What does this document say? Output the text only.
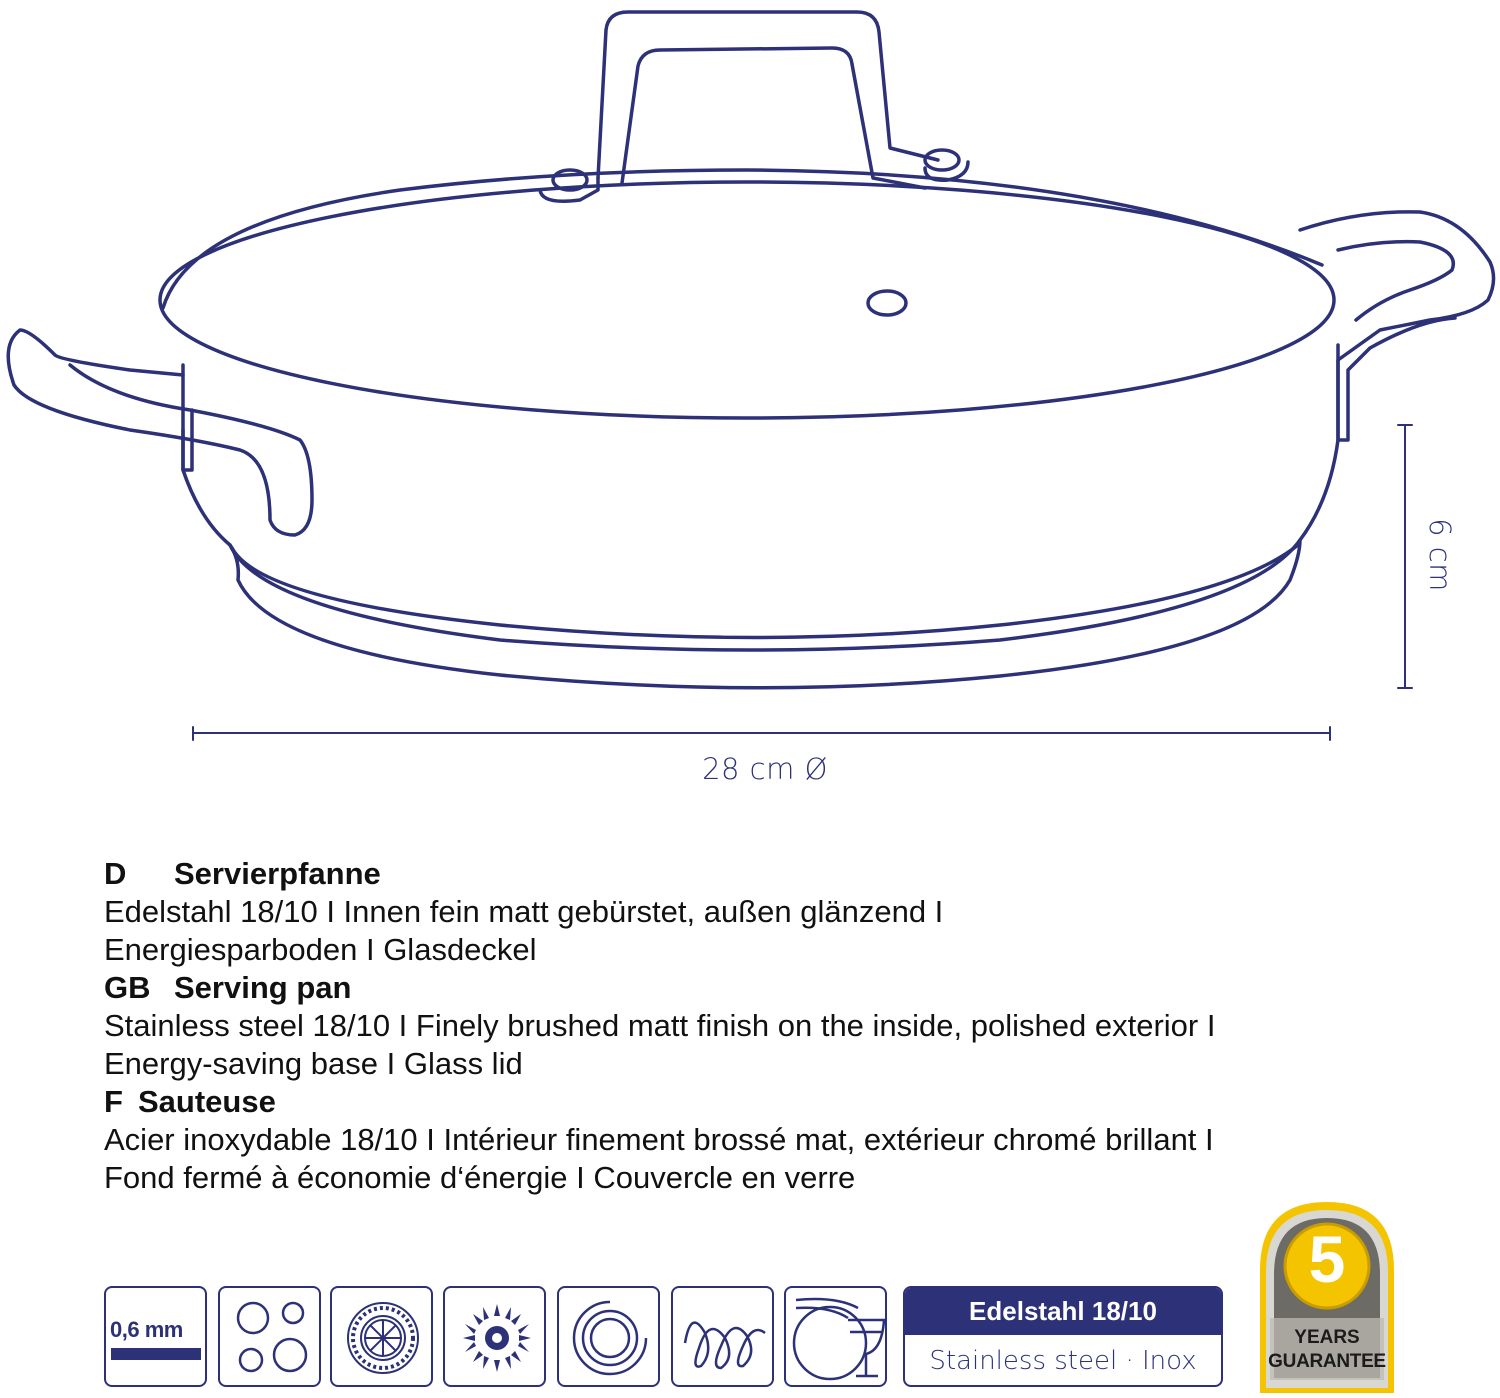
28 cm Ø
6 cm
D	Servierpfanne
Edelstahl 18/10 I Innen fein matt gebürstet, außen glänzend I
Energiesparboden I Glasdeckel
GB Serving pan
Stainless steel 18/10 I Finely brushed matt finish on the inside, polished exterior I
Energy-saving base I Glass lid
F Sauteuse
Acier inoxydable 18/10 I Intérieur finement brossé mat, extérieur chromé brillant I
Fond fermé à économie d‘énergie I Couvercle en verre
0,6 mm
Edelstahl 18/10
Stainless steel · Inox
5
YEARS
GUARANTEE
